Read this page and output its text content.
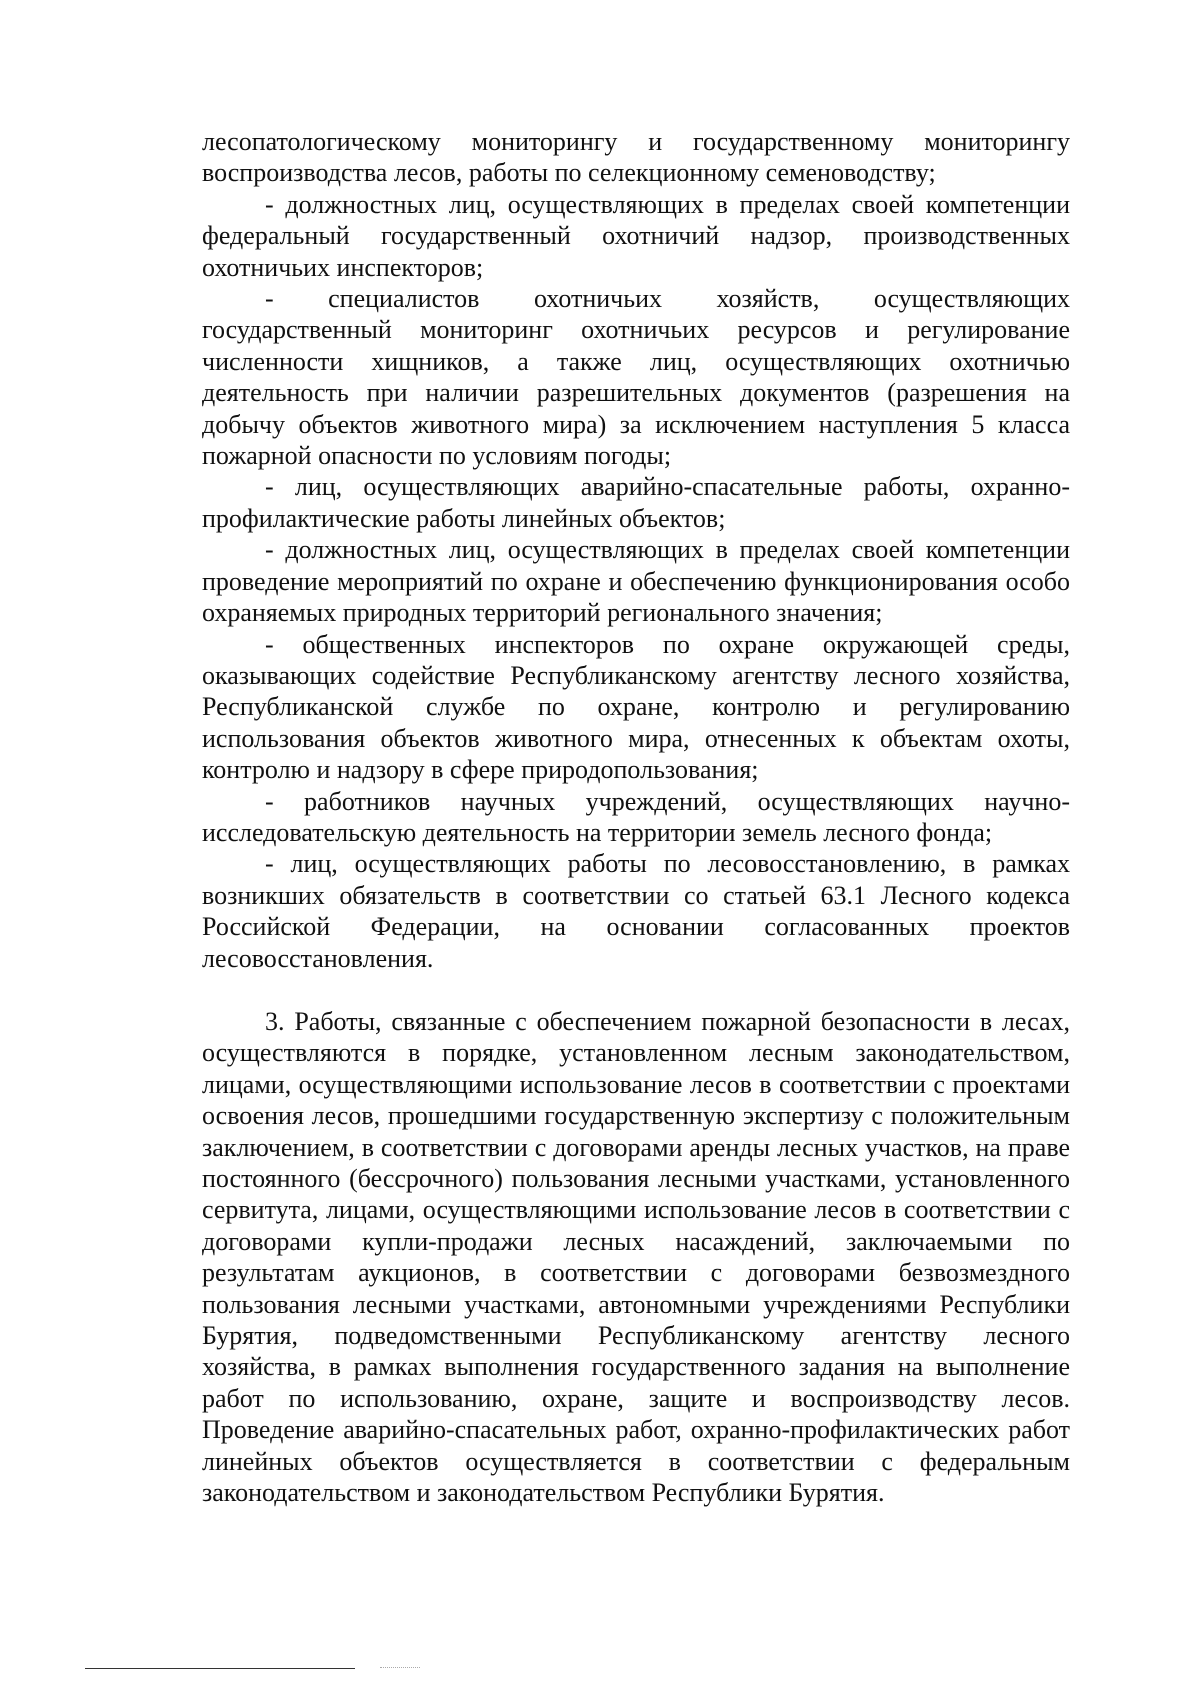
лесопатологическому мониторингу и государственному мониторингу воспроизводства лесов, работы по селекционному семеноводству;

- должностных лиц, осуществляющих в пределах своей компетенции федеральный государственный охотничий надзор, производственных охотничьих инспекторов;

- специалистов охотничьих хозяйств, осуществляющих государственный мониторинг охотничьих ресурсов и регулирование численности хищников, а также лиц, осуществляющих охотничью деятельность при наличии разрешительных документов (разрешения на добычу объектов животного мира) за исключением наступления 5 класса пожарной опасности по условиям погоды;

- лиц, осуществляющих аварийно-спасательные работы, охранно-профилактические работы линейных объектов;

- должностных лиц, осуществляющих в пределах своей компетенции проведение мероприятий по охране и обеспечению функционирования особо охраняемых природных территорий регионального значения;

- общественных инспекторов по охране окружающей среды, оказывающих содействие Республиканскому агентству лесного хозяйства, Республиканской службе по охране, контролю и регулированию использования объектов животного мира, отнесенных к объектам охоты, контролю и надзору в сфере природопользования;

- работников научных учреждений, осуществляющих научно-исследовательскую деятельность на территории земель лесного фонда;

- лиц, осуществляющих работы по лесовосстановлению, в рамках возникших обязательств в соответствии со статьей 63.1 Лесного кодекса Российской Федерации, на основании согласованных проектов лесовосстановления.

3. Работы, связанные с обеспечением пожарной безопасности в лесах, осуществляются в порядке, установленном лесным законодательством, лицами, осуществляющими использование лесов в соответствии с проектами освоения лесов, прошедшими государственную экспертизу с положительным заключением, в соответствии с договорами аренды лесных участков, на праве постоянного (бессрочного) пользования лесными участками, установленного сервитута, лицами, осуществляющими использование лесов в соответствии с договорами купли-продажи лесных насаждений, заключаемыми по результатам аукционов, в соответствии с договорами безвозмездного пользования лесными участками, автономными учреждениями Республики Бурятия, подведомственными Республиканскому агентству лесного хозяйства, в рамках выполнения государственного задания на выполнение работ по использованию, охране, защите и воспроизводству лесов. Проведение аварийно-спасательных работ, охранно-профилактических работ линейных объектов осуществляется в соответствии с федеральным законодательством и законодательством Республики Бурятия.
